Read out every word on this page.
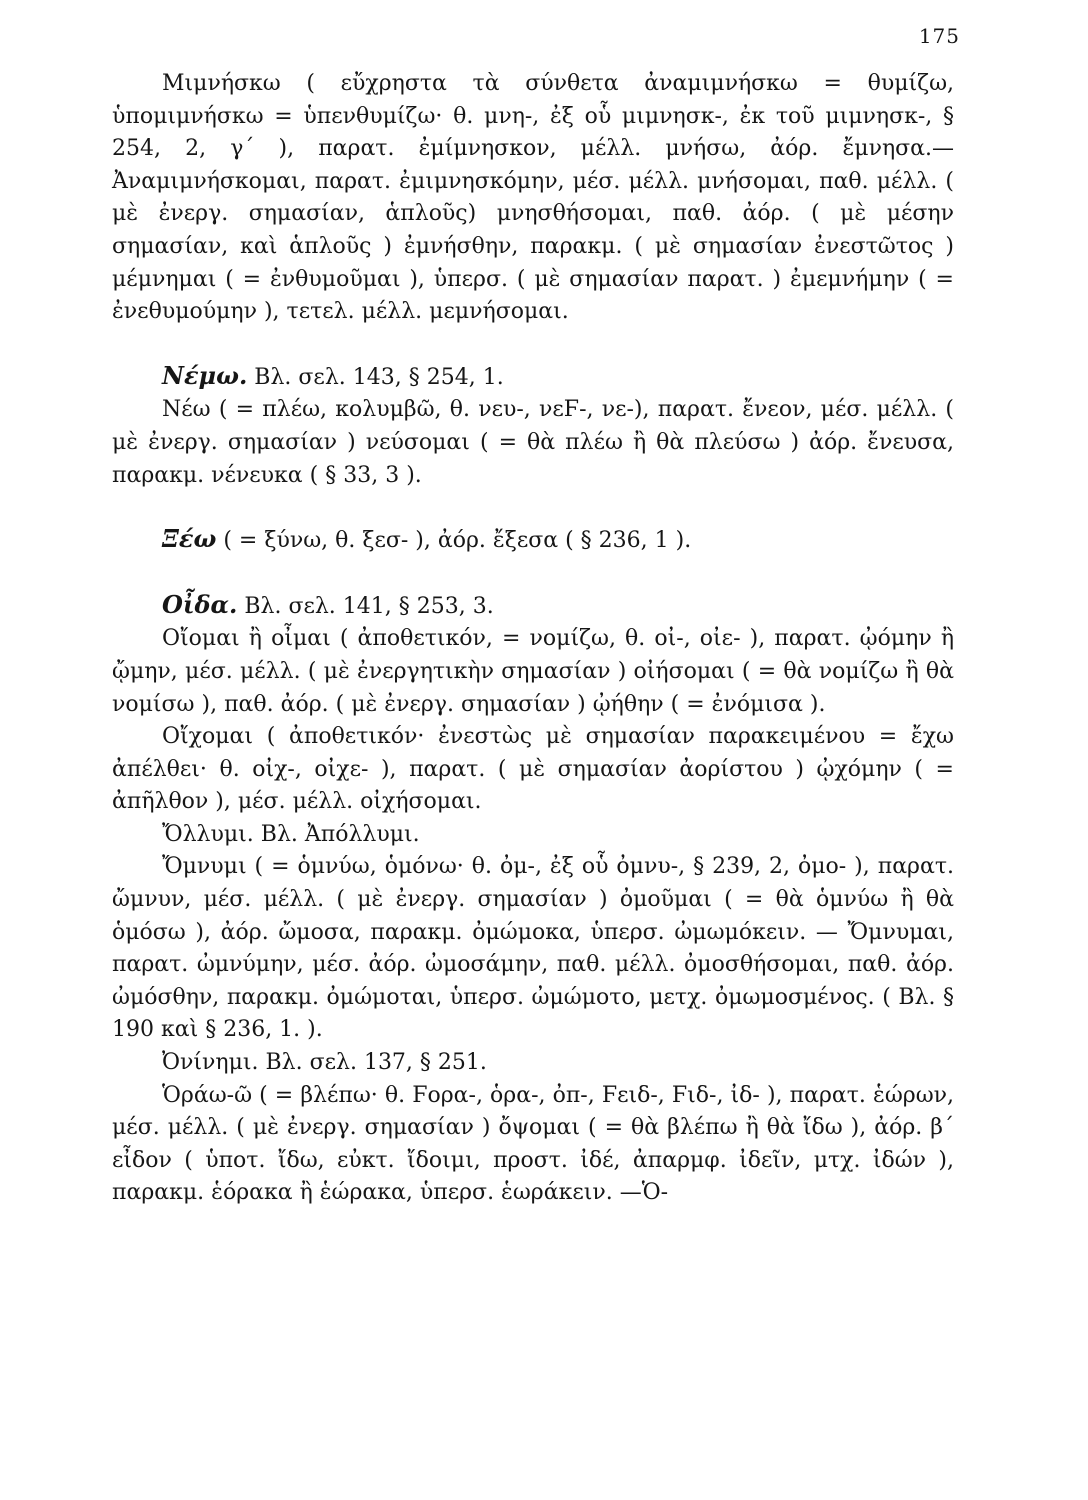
175

Μιμνήσκω ( εὔχρηστα τὰ σύνθετα ἀναμιμνήσκω = θυμίζω, ὑπομιμνήσκω = ὑπενθυμίζω· θ. μνη-, ἐξ οὗ μιμνησκ-, ἐκ τοῦ μιμνησκ-, § 254, 2, γ΄ ), παρατ. ἐμίμνησκον, μέλλ. μνήσω, ἀόρ. ἔμνησα.—Ἀναμιμνήσκομαι, παρατ. ἐμιμνησκόμην, μέσ. μέλλ. μνήσομαι, παθ. μέλλ. ( μὲ ἐνεργ. σημασίαν, ἁπλοῦς) μνησθήσομαι, παθ. ἀόρ. ( μὲ μέσην σημασίαν, καὶ ἁπλοῦς ) ἐμνήσθην, παρακμ. ( μὲ σημασίαν ἐνεστῶτος ) μέμνημαι ( = ἐνθυμοῦμαι ), ὑπερσ. ( μὲ σημασίαν παρατ. ) ἐμεμνήμην ( = ἐνεθυμούμην ), τετελ. μέλλ. μεμνήσομαι.

Νέμω. Βλ. σελ. 143, § 254, 1.

Νέω ( = πλέω, κολυμβῶ, θ. νευ-, νεϜ-, νε-), παρατ. ἔνεον, μέσ. μέλλ. ( μὲ ἐνεργ. σημασίαν ) νεύσομαι ( = θὰ πλέω ἢ θὰ πλεύσω ) ἀόρ. ἔνευσα, παρακμ. νένευκα ( § 33, 3 ).

Ξέω ( = ξύνω, θ. ξεσ- ), ἀόρ. ἔξεσα ( § 236, 1 ).

Οἶδα. Βλ. σελ. 141, § 253, 3.

Οἴομαι ἢ οἶμαι ( ἀποθετικόν, = νομίζω, θ. οἰ-, οἰε- ), παρατ. ᾠόμην ἢ ᾤμην, μέσ. μέλλ. ( μὲ ἐνεργητικὴν σημασίαν ) οἰήσομαι ( = θὰ νομίζω ἢ θὰ νομίσω ), παθ. ἀόρ. ( μὲ ἐνεργ. σημασίαν ) ᾠήθην ( = ἐνόμισα ).

Οἴχομαι ( ἀποθετικόν· ἐνεστὼς μὲ σημασίαν παρακειμένου = ἔχω ἀπέλθει· θ. οἰχ-, οἰχε- ), παρατ. ( μὲ σημασίαν ἀορίστου ) ᾠχόμην ( = ἀπῆλθον ), μέσ. μέλλ. οἰχήσομαι.

Ὄλλυμι. Βλ. Ἀπόλλυμι.

Ὄμνυμι ( = ὁμνύω, ὁμόνω· θ. ὀμ-, ἐξ οὗ ὀμνυ-, § 239, 2, ὀμο- ), παρατ. ὤμνυν, μέσ. μέλλ. ( μὲ ἐνεργ. σημασίαν ) ὀμοῦμαι ( = θὰ ὁμνύω ἢ θὰ ὁμόσω ), ἀόρ. ὤμοσα, παρακμ. ὀμώμοκα, ὑπερσ. ὠμωμόκειν. — Ὄμνυμαι, παρατ. ὠμνύμην, μέσ. ἀόρ. ὠμοσάμην, παθ. μέλλ. ὀμοσθήσομαι, παθ. ἀόρ. ὠμόσθην, παρακμ. ὀμώμοται, ὑπερσ. ὠμώμοτο, μετχ. ὀμωμοσμένος. ( Βλ. § 190 καὶ § 236, 1. ).

Ὀνίνημι. Βλ. σελ. 137, § 251.

Ὁράω-ῶ ( = βλέπω· θ. Ϝορα-, ὁρα-, ὀπ-, Ϝειδ-, Ϝιδ-, ἰδ- ), παρατ. ἑώρων, μέσ. μέλλ. ( μὲ ἐνεργ. σημασίαν ) ὄψομαι ( = θὰ βλέπω ἢ θὰ ἴδω ), ἀόρ. β΄ εἶδον ( ὑποτ. ἴδω, εὐκτ. ἴδοιμι, προστ. ἰδέ, ἀπαρμφ. ἰδεῖν, μτχ. ἰδών ), παρακμ. ἑόρακα ἢ ἑώρακα, ὑπερσ. ἑωράκειν. —Ὁ-
